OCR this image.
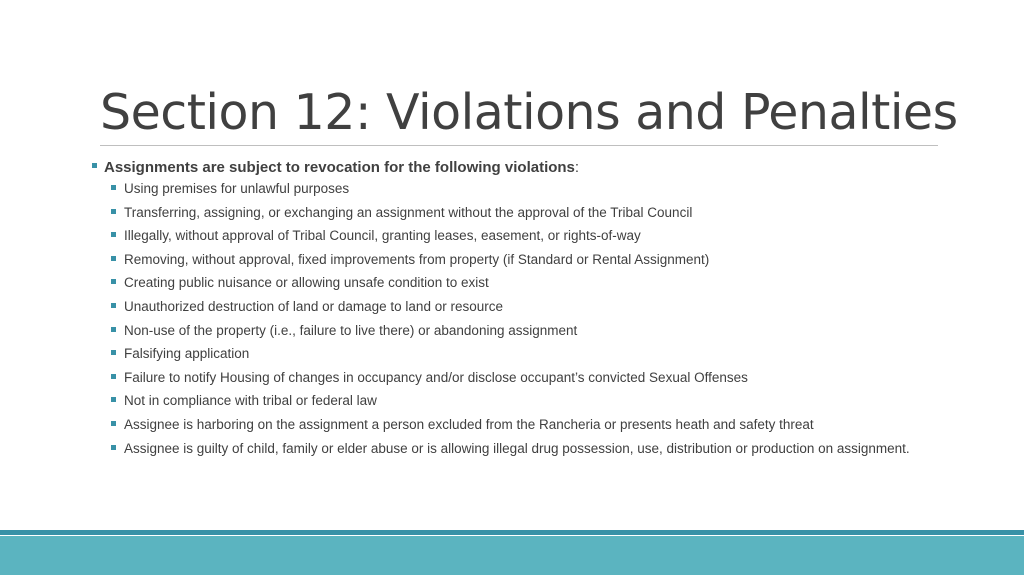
Section 12: Violations and Penalties
Assignments are subject to revocation for the following violations:
Using premises for unlawful purposes
Transferring, assigning, or exchanging an assignment without the approval of the Tribal Council
Illegally, without approval of Tribal Council, granting leases, easement, or rights-of-way
Removing, without approval, fixed improvements from property (if Standard or Rental Assignment)
Creating public nuisance or allowing unsafe condition to exist
Unauthorized destruction of land or damage to land or resource
Non-use of the property (i.e., failure to live there) or abandoning assignment
Falsifying application
Failure to notify Housing of changes in occupancy and/or disclose occupant’s convicted Sexual Offenses
Not in compliance with tribal or federal law
Assignee is harboring on the assignment a person excluded from the Rancheria or presents heath and safety threat
Assignee is guilty of child, family or elder abuse or is allowing illegal drug possession, use, distribution or production on assignment.
